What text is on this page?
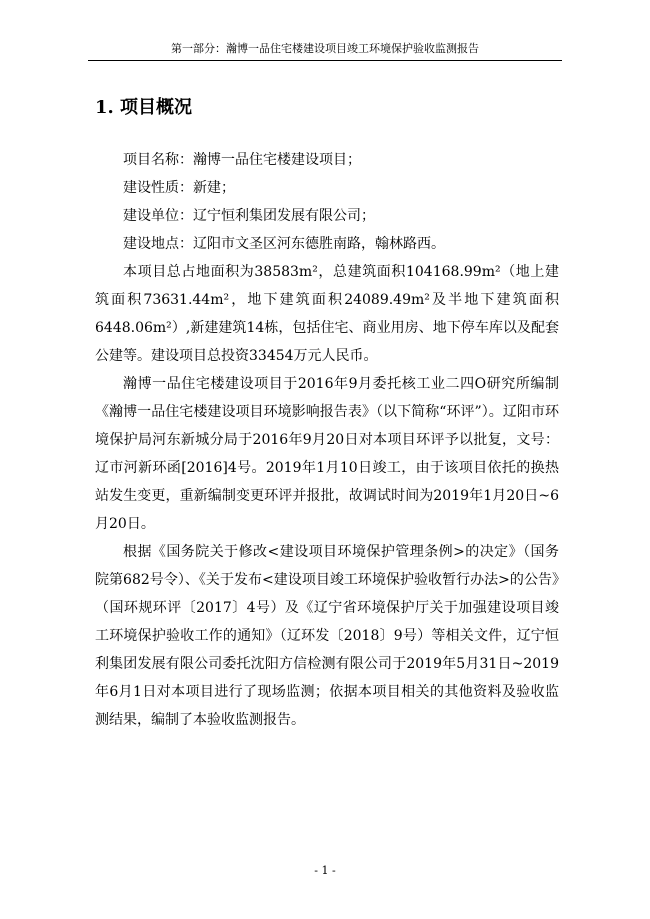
第一部分：瀚博一品住宅楼建设项目竣工环境保护验收监测报告
1. 项目概况

项目名称：瀚博一品住宅楼建设项目；

建设性质：新建；

建设单位：辽宁恒利集团发展有限公司；

建设地点：辽阳市文圣区河东德胜南路，翰林路西。

本项目总占地面积为38583m²，总建筑面积104168.99m²（地上建筑面积73631.44m²，地下建筑面积24089.49m²及半地下建筑面积6448.06m²）,新建建筑14栋，包括住宅、商业用房、地下停车库以及配套公建等。建设项目总投资33454万元人民币。

瀚博一品住宅楼建设项目于2016年9月委托核工业二四O研究所编制《瀚博一品住宅楼建设项目环境影响报告表》（以下简称“环评”）。辽阳市环境保护局河东新城分局于2016年9月20日对本项目环评予以批复，文号：辽市河新环函[2016]4号。2019年1月10日竣工，由于该项目依托的换热站发生变更，重新编制变更环评并报批，故调试时间为2019年1月20日~6月20日。

根据《国务院关于修改<建设项目环境保护管理条例>的决定》（国务院第682号令）、《关于发布<建设项目竣工环境保护验收暂行办法>的公告》（国环规环评〔2017〕4号）及《辽宁省环境保护厅关于加强建设项目竣工环境保护验收工作的通知》（辽环发〔2018〕9号）等相关文件，辽宁恒利集团发展有限公司委托沈阳方信检测有限公司于2019年5月31日~2019年6月1日对本项目进行了现场监测；依据本项目相关的其他资料及验收监测结果，编制了本验收监测报告。

- 1 -
